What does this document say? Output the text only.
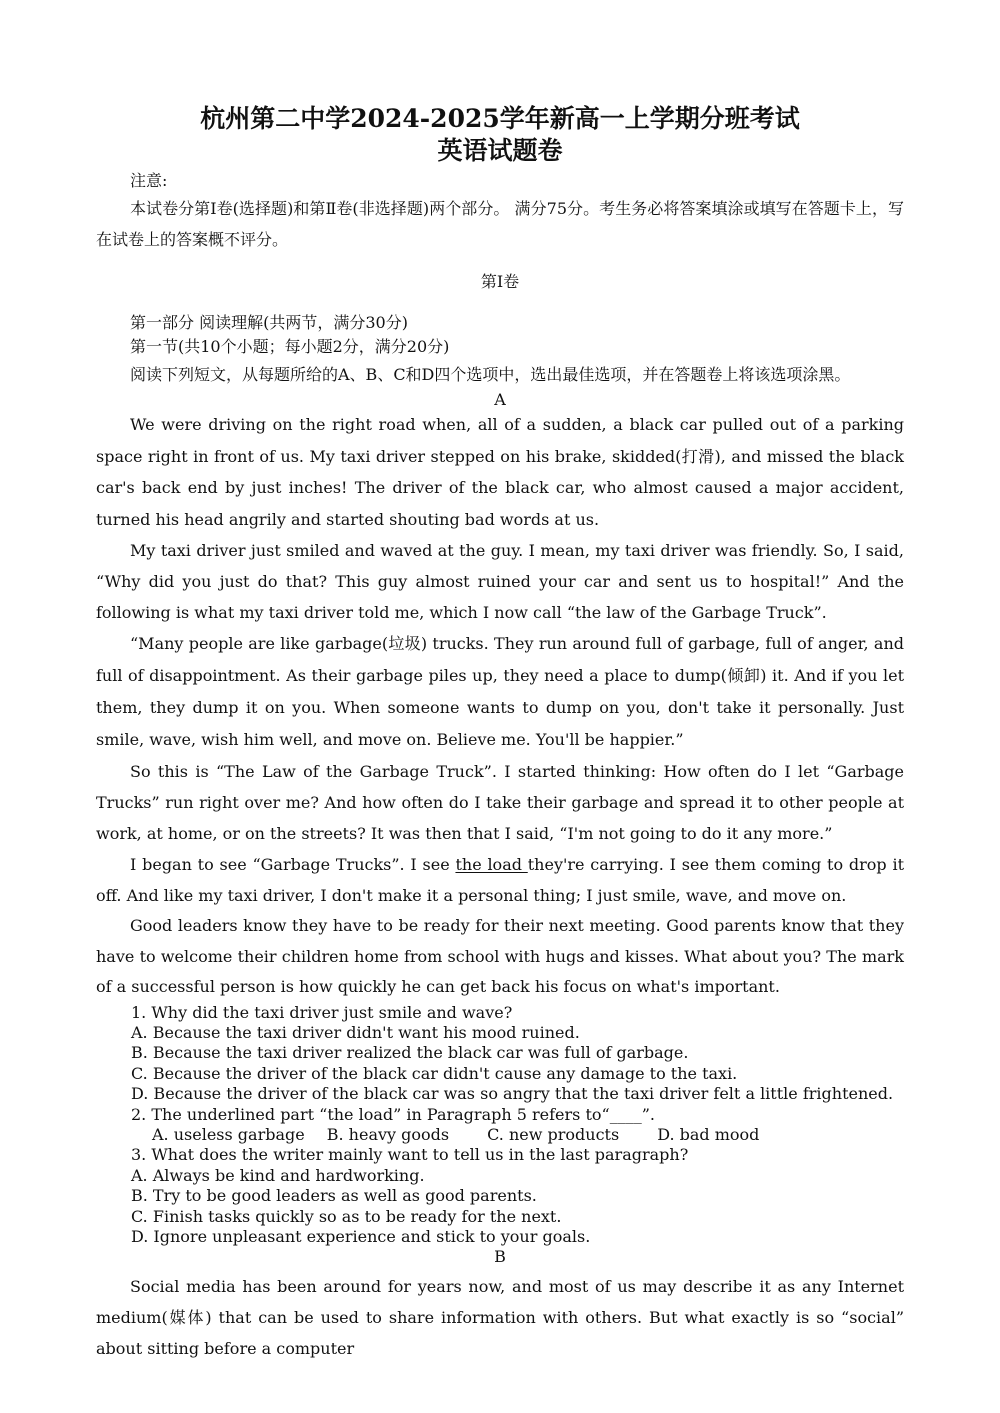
杭州第二中学2024-2025学年新高一上学期分班考试
英语试题卷

注意:

本试卷分第Ⅰ卷(选择题)和第Ⅱ卷(非选择题)两个部分。 满分75分。考生务必将答案填涂或填写在答题卡上，写在试卷上的答案概不评分。

第Ⅰ卷

第一部分 阅读理解(共两节，满分30分)

第一节(共10个小题；每小题2分，满分20分)

阅读下列短文，从每题所给的A、B、C和D四个选项中，选出最佳选项，并在答题卷上将该选项涂黑。

A

We were driving on the right road when, all of a sudden, a black car pulled out of a parking space right in front of us. My taxi driver stepped on his brake, skidded(打滑), and missed the black car's back end by just inches! The driver of the black car, who almost caused a major accident, turned his head angrily and started shouting bad words at us.

My taxi driver just smiled and waved at the guy. I mean, my taxi driver was friendly. So, I said, “Why did you just do that? This guy almost ruined your car and sent us to hospital!” And the following is what my taxi driver told me, which I now call “the law of the Garbage Truck”.

“Many people are like garbage(垃圾) trucks. They run around full of garbage, full of anger, and full of disappointment. As their garbage piles up, they need a place to dump(倾卸) it. And if you let them, they dump it on you. When someone wants to dump on you, don't take it personally. Just smile, wave, wish him well, and move on. Believe me. You'll be happier.”

So this is “The Law of the Garbage Truck”. I started thinking: How often do I let “Garbage Trucks” run right over me? And how often do I take their garbage and spread it to other people at work, at home, or on the streets? It was then that I said, “I'm not going to do it any more.”

I began to see “Garbage Trucks”. I see the load they're carrying. I see them coming to drop it off. And like my taxi driver, I don't make it a personal thing; I just smile, wave, and move on.

Good leaders know they have to be ready for their next meeting. Good parents know that they have to welcome their children home from school with hugs and kisses. What about you? The mark of a successful person is how quickly he can get back his focus on what's important.

1. Why did the taxi driver just smile and wave?

A. Because the taxi driver didn't want his mood ruined.

B. Because the taxi driver realized the black car was full of garbage.

C. Because the driver of the black car didn't cause any damage to the taxi.

D. Because the driver of the black car was so angry that the taxi driver felt a little frightened.

2. The underlined part “the load” in Paragraph 5 refers to“____”.

A. useless garbage B. heavy goods C. new products D. bad mood

3. What does the writer mainly want to tell us in the last paragraph?

A. Always be kind and hardworking.

B. Try to be good leaders as well as good parents.

C. Finish tasks quickly so as to be ready for the next.

D. Ignore unpleasant experience and stick to your goals.

B

Social media has been around for years now, and most of us may describe it as any Internet medium(媒体) that can be used to share information with others. But what exactly is so “social” about sitting before a computer
